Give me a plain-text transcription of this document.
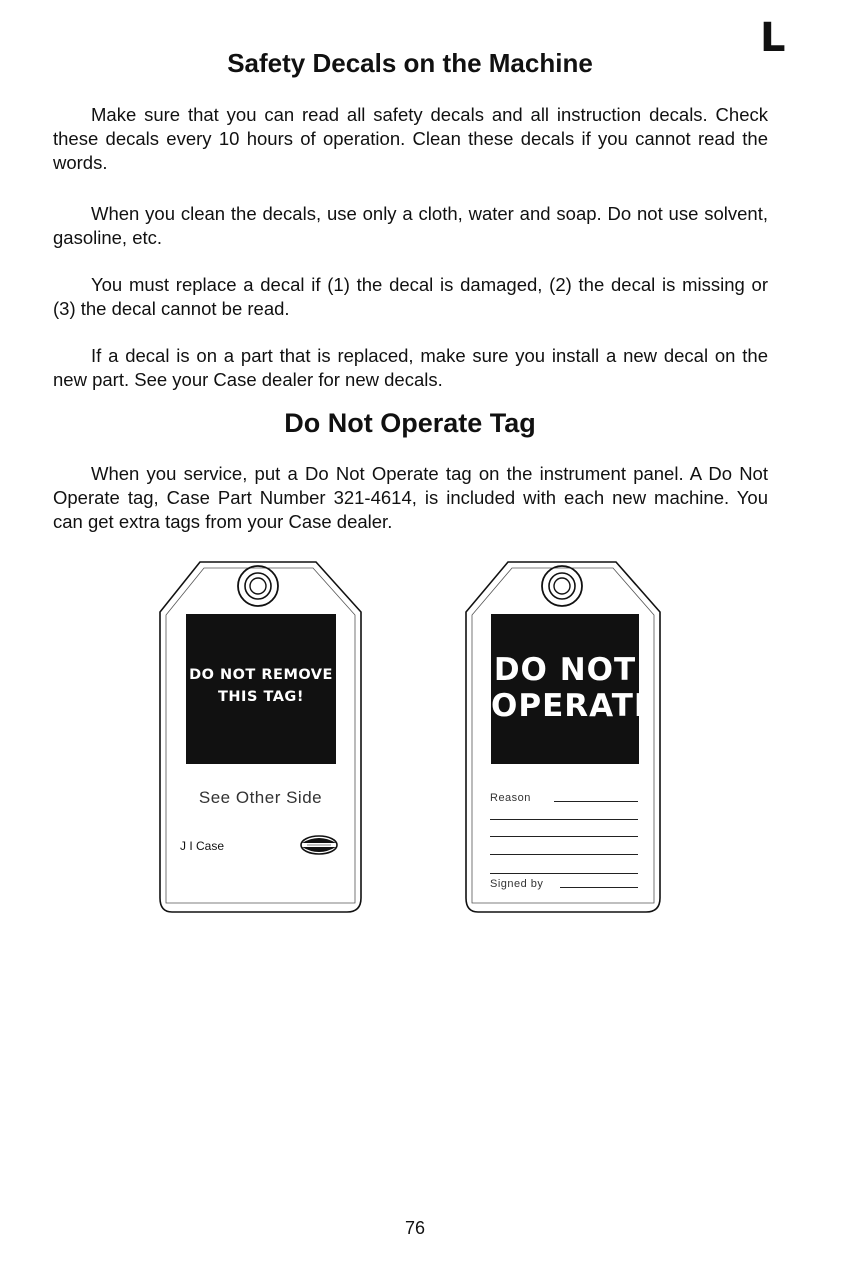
L
Safety Decals on the Machine

Make sure that you can read all safety decals and all instruction decals. Check these decals every 10 hours of operation. Clean these decals if you cannot read the words.

When you clean the decals, use only a cloth, water and soap. Do not use solvent, gasoline, etc.

You must replace a decal if (1) the decal is damaged, (2) the decal is missing or (3) the decal cannot be read.

If a decal is on a part that is replaced, make sure you install a new decal on the new part. See your Case dealer for new decals.

Do Not Operate Tag

When you service, put a Do Not Operate tag on the instrument panel. A Do Not Operate tag, Case Part Number 321-4614, is included with each new machine. You can get extra tags from your Case dealer.

DO NOT REMOVE
THIS TAG!
See Other Side
J I Case
DO NOT
OPERATE
Reason
Signed by
76
